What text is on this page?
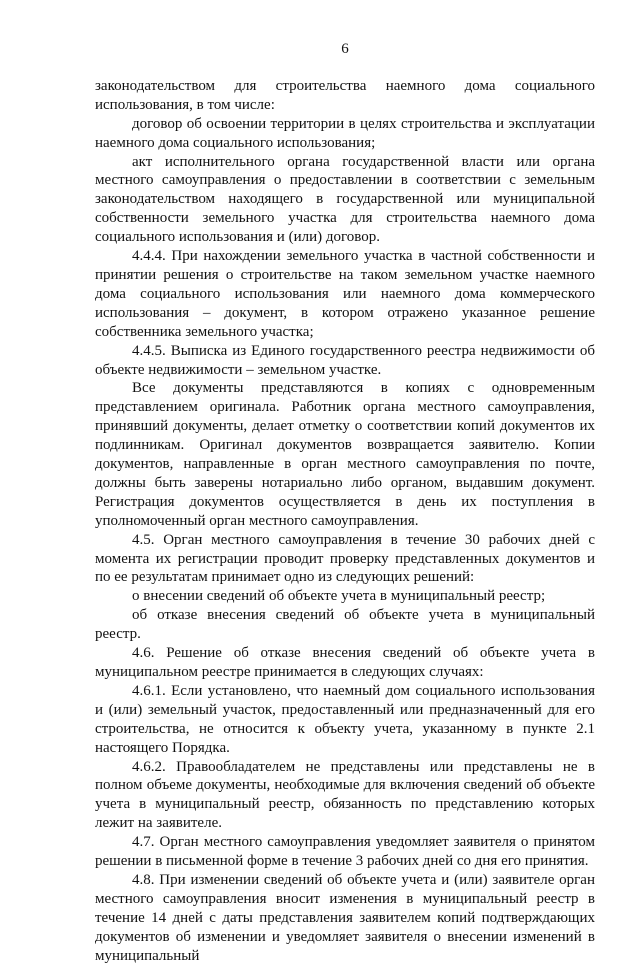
6

законодательством для строительства наемного дома социального использования, в том числе:

договор об освоении территории в целях строительства и эксплуатации наемного дома социального использования;

акт исполнительного органа государственной власти или органа местного самоуправления о предоставлении в соответствии с земельным законодательством находящего в государственной или муниципальной собственности земельного участка для строительства наемного дома социального использования и (или) договор.

4.4.4. При нахождении земельного участка в частной собственности и принятии решения о строительстве на таком земельном участке наемного дома социального использования или наемного дома коммерческого использования – документ, в котором отражено указанное решение собственника земельного участка;

4.4.5. Выписка из Единого государственного реестра недвижимости об объекте недвижимости – земельном участке.

Все документы представляются в копиях с одновременным представлением оригинала. Работник органа местного самоуправления, принявший документы, делает отметку о соответствии копий документов их подлинникам. Оригинал документов возвращается заявителю. Копии документов, направленные в орган местного самоуправления по почте, должны быть заверены нотариально либо органом, выдавшим документ. Регистрация документов осуществляется в день их поступления в уполномоченный орган местного самоуправления.

4.5. Орган местного самоуправления в течение 30 рабочих дней с момента их регистрации проводит проверку представленных документов и по ее результатам принимает одно из следующих решений:

о внесении сведений об объекте учета в муниципальный реестр;

об отказе внесения сведений об объекте учета в муниципальный реестр.

4.6. Решение об отказе внесения сведений об объекте учета в муниципальном реестре принимается в следующих случаях:

4.6.1. Если установлено, что наемный дом социального использования и (или) земельный участок, предоставленный или предназначенный для его строительства, не относится к объекту учета, указанному в пункте 2.1 настоящего Порядка.

4.6.2. Правообладателем не представлены или представлены не в полном объеме документы, необходимые для включения сведений об объекте учета в муниципальный реестр, обязанность по представлению которых лежит на заявителе.

4.7. Орган местного самоуправления уведомляет заявителя о принятом решении в письменной форме в течение 3 рабочих дней со дня его принятия.

4.8. При изменении сведений об объекте учета и (или) заявителе орган местного самоуправления вносит изменения в муниципальный реестр в течение 14 дней с даты представления заявителем копий подтверждающих документов об изменении и уведомляет заявителя о внесении изменений в муниципальный
